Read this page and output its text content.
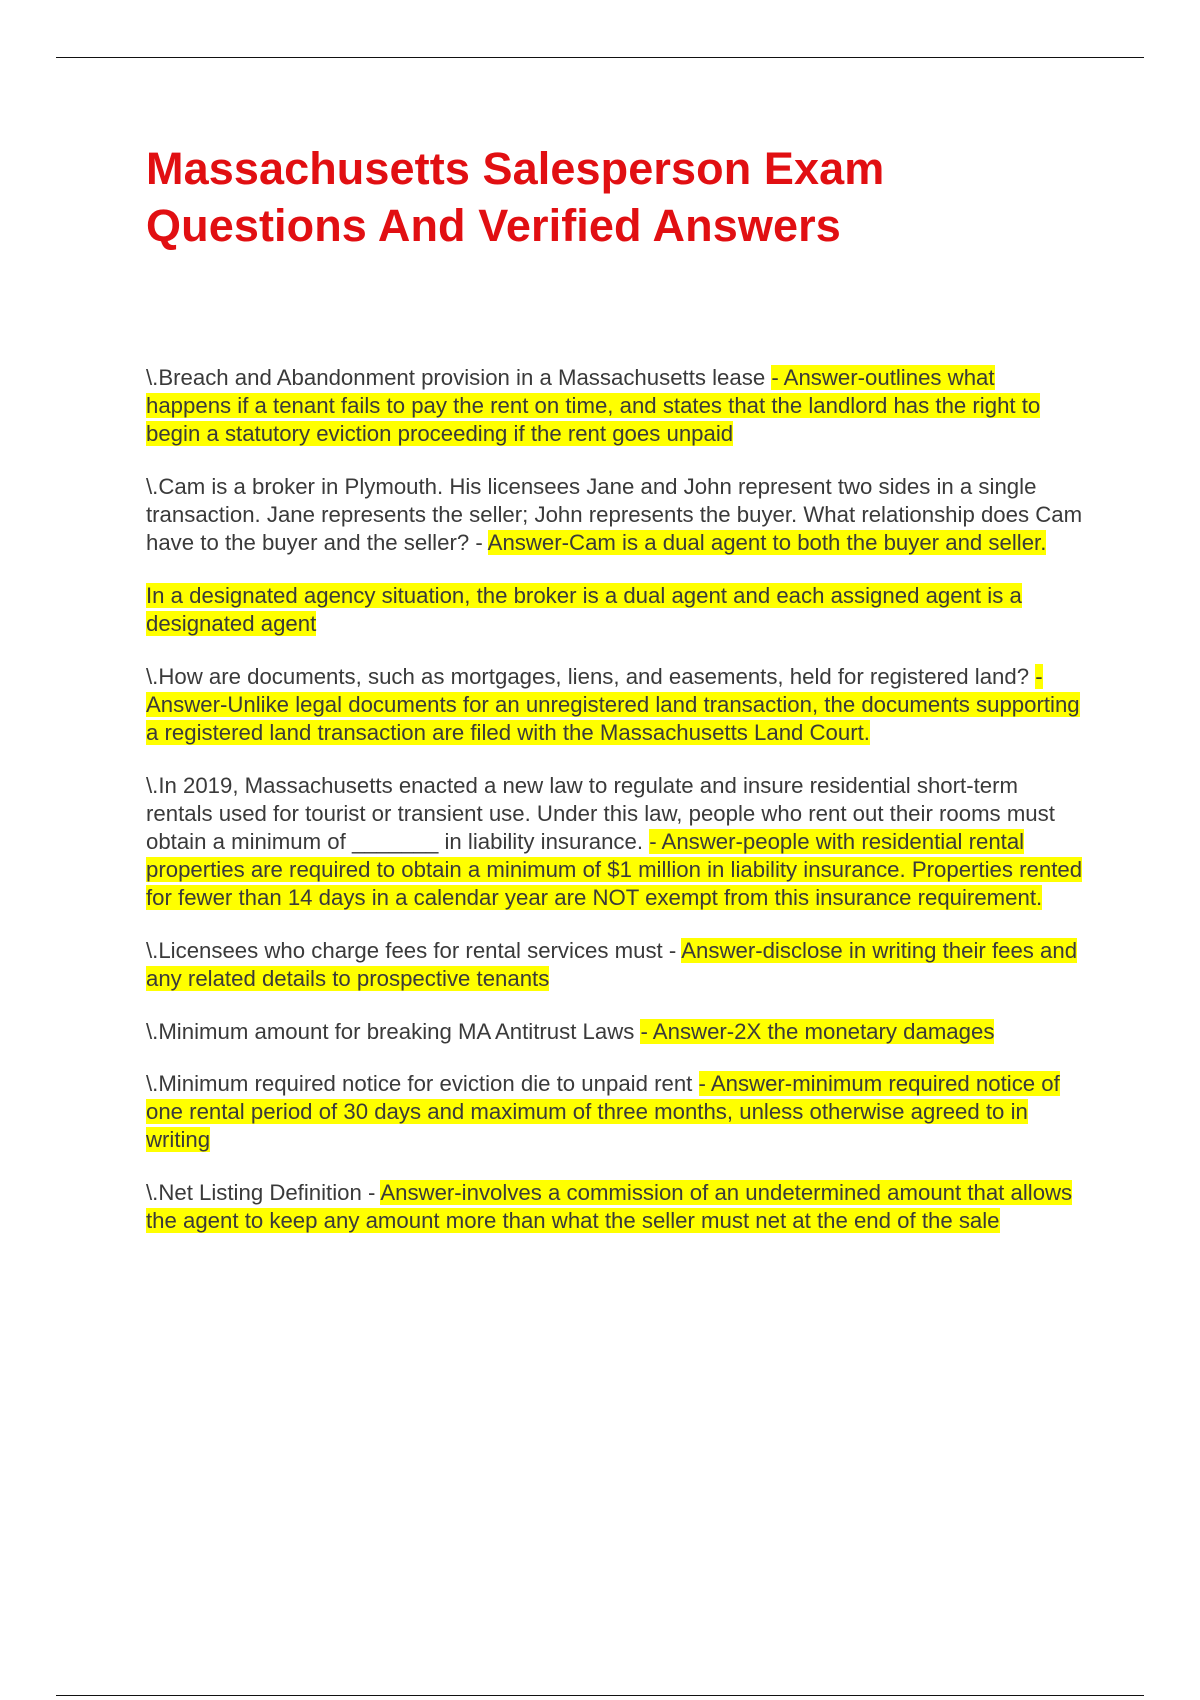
Massachusetts Salesperson Exam
Questions And Verified Answers

\.Breach and Abandonment provision in a Massachusetts lease - Answer-outlines what happens if a tenant fails to pay the rent on time, and states that the landlord has the right to begin a statutory eviction proceeding if the rent goes unpaid

\.Cam is a broker in Plymouth. His licensees Jane and John represent two sides in a single transaction. Jane represents the seller; John represents the buyer. What relationship does Cam have to the buyer and the seller? - Answer-Cam is a dual agent to both the buyer and seller.

In a designated agency situation, the broker is a dual agent and each assigned agent is a designated agent

\.How are documents, such as mortgages, liens, and easements, held for registered land? - Answer-Unlike legal documents for an unregistered land transaction, the documents supporting a registered land transaction are filed with the Massachusetts Land Court.

\.In 2019, Massachusetts enacted a new law to regulate and insure residential short-term rentals used for tourist or transient use. Under this law, people who rent out their rooms must obtain a minimum of _______ in liability insurance. - Answer-people with residential rental properties are required to obtain a minimum of $1 million in liability insurance. Properties rented for fewer than 14 days in a calendar year are NOT exempt from this insurance requirement.

\.Licensees who charge fees for rental services must - Answer-disclose in writing their fees and any related details to prospective tenants

\.Minimum amount for breaking MA Antitrust Laws - Answer-2X the monetary damages

\.Minimum required notice for eviction die to unpaid rent - Answer-minimum required notice of one rental period of 30 days and maximum of three months, unless otherwise agreed to in writing

\.Net Listing Definition - Answer-involves a commission of an undetermined amount that allows the agent to keep any amount more than what the seller must net at the end of the sale
